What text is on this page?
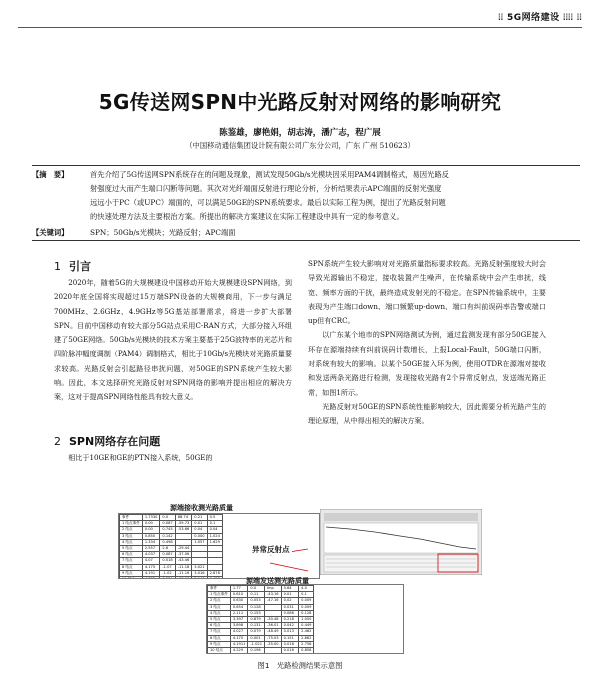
⦙⦙ 5G网络建设 ⦙⦙⦙⦙ ⦙⦙
5G传送网SPN中光路反射对网络的影响研究
陈鉴雄，廖艳娟，胡志涛，潘广志，程广展
（中国移动通信集团设计院有限公司广东分公司，广东 广州 510623）
【摘　要】	首先介绍了5G传送网SPN系统存在的问题及现象，测试发现50Gb/s光模块因采用PAM4调制格式，易因光路反
射强度过大而产生端口闪断等问题。其次对光纤端面反射进行理论分析，分析结果表示APC端面的反射光强度
远远小于PC（或UPC）端面的，可以满足50GE的SPN系统要求。最后以实际工程为例，提出了光路反射问题
的快速处理方法及主要根治方案。所提出的解决方案建议在实际工程建设中具有一定的参考意义。
【关键词】	SPN；50Gb/s光模块；光路反射；APC端面
1 引言

2020年，随着5G的大规模建设中国移动开始大规模建设SPN网络，到2020年底全国将实现超过15万端SPN设备的大规模商用，下一步与满足700MHz、2.6GHz、4.9GHz等5G基站部署需求，将进一步扩大部署SPN。目前中国移动有较大部分5G站点采用C-RAN方式，大部分接入环组建了50GE网络。50Gb/s光模块的技术方案主要基于25G波特率的光芯片和四阶脉冲幅度调制（PAM4）调制格式，相比于10Gb/s光模块对光路质量要求较高。光路反射会引起路径串扰问题，对50GE的SPN系统产生较大影响。因此，本文选择研究光路反射对SPN网络的影响并提出相应的解决方案，这对于提高SPN网络性能具有较大意义。

2 SPN网络存在问题

相比于10GE和GE的PTN接入系统，50GE的

SPN系统产生较大影响对对光路质量指标要求较高。光路反射强度较大时会导致光源输出不稳定，接收装置产生噪声，在传输系统中会产生串扰，线宽、频率方面的干扰，最终造成发射光的不稳定。在SPN传输系统中，主要表现为产生端口down、端口频繁up-down、端口有纠前误码率告警或端口up但有CRC。

以广东某个地市的SPN网络测试为例，通过监测发现有部分50GE接入环存在源端持续有纠前误码计数增长，上报Local-Fault，50G端口闪断，对系统有较大的影响。以某个50GE接入环为例，使用OTDR在源端对接收和发送两条光路进行检测，发现接收光路有2个异常反射点，发送端光路正常，如图1所示。

光路反射对50GE的SPN系统性能影响较大，因此需要分析光路产生的理论原理，从中得出相关的解决方案。

事件	1.7330	0.0	88.74	0.21	0.5
1 结点事件	0.00	0.087	-59.73	0.01	0.1
2 结点	0.00	0.745	-53.66	0.04	0.04
3 结点	0.850	0.142		0.000	1.024
4 结点	1.334	0.498		1.057	1.629
5 结点	2.557	2.6	-29.44		
6 结点	4.037	0.087	-37.06		
7 结点	4.07	0.018	-43.46		
8 结点	4.175	-1.07	-11.18	3.021	
9 结点	4.191	-1.02	-11.16	3.016	2.878
10 结点	4.332	0.284	-68.98	3.141	0.428
事件	1.77	0.0	Imp	5.64	4.0
1 结点事件	0.610	0.11	-43.16	0.01	0.1
2 结点	0.630	0.053	-47.16	0.02	0.009
3 结点	0.654	0.128		0.031	0.009
4 结点	2.111	0.153		0.086	0.128
5 结点	3.397	0.879	-30.48	0.218	1.050
6 结点	3.898	0.131	-36.01	0.042	0.449
7 结点	4.027	0.079	-48.49	0.013	2.462
8 结点	4.175	0.001	-75.03	0.151	2.862
9 结点	4.1911	-1.021	-35.00	0.016	2.758
10 结点	4.229	0.196		0.016	0.858

源端接收测光路质量
异常反射点
源端发送测光路质量
图1　光路检测结果示意图
